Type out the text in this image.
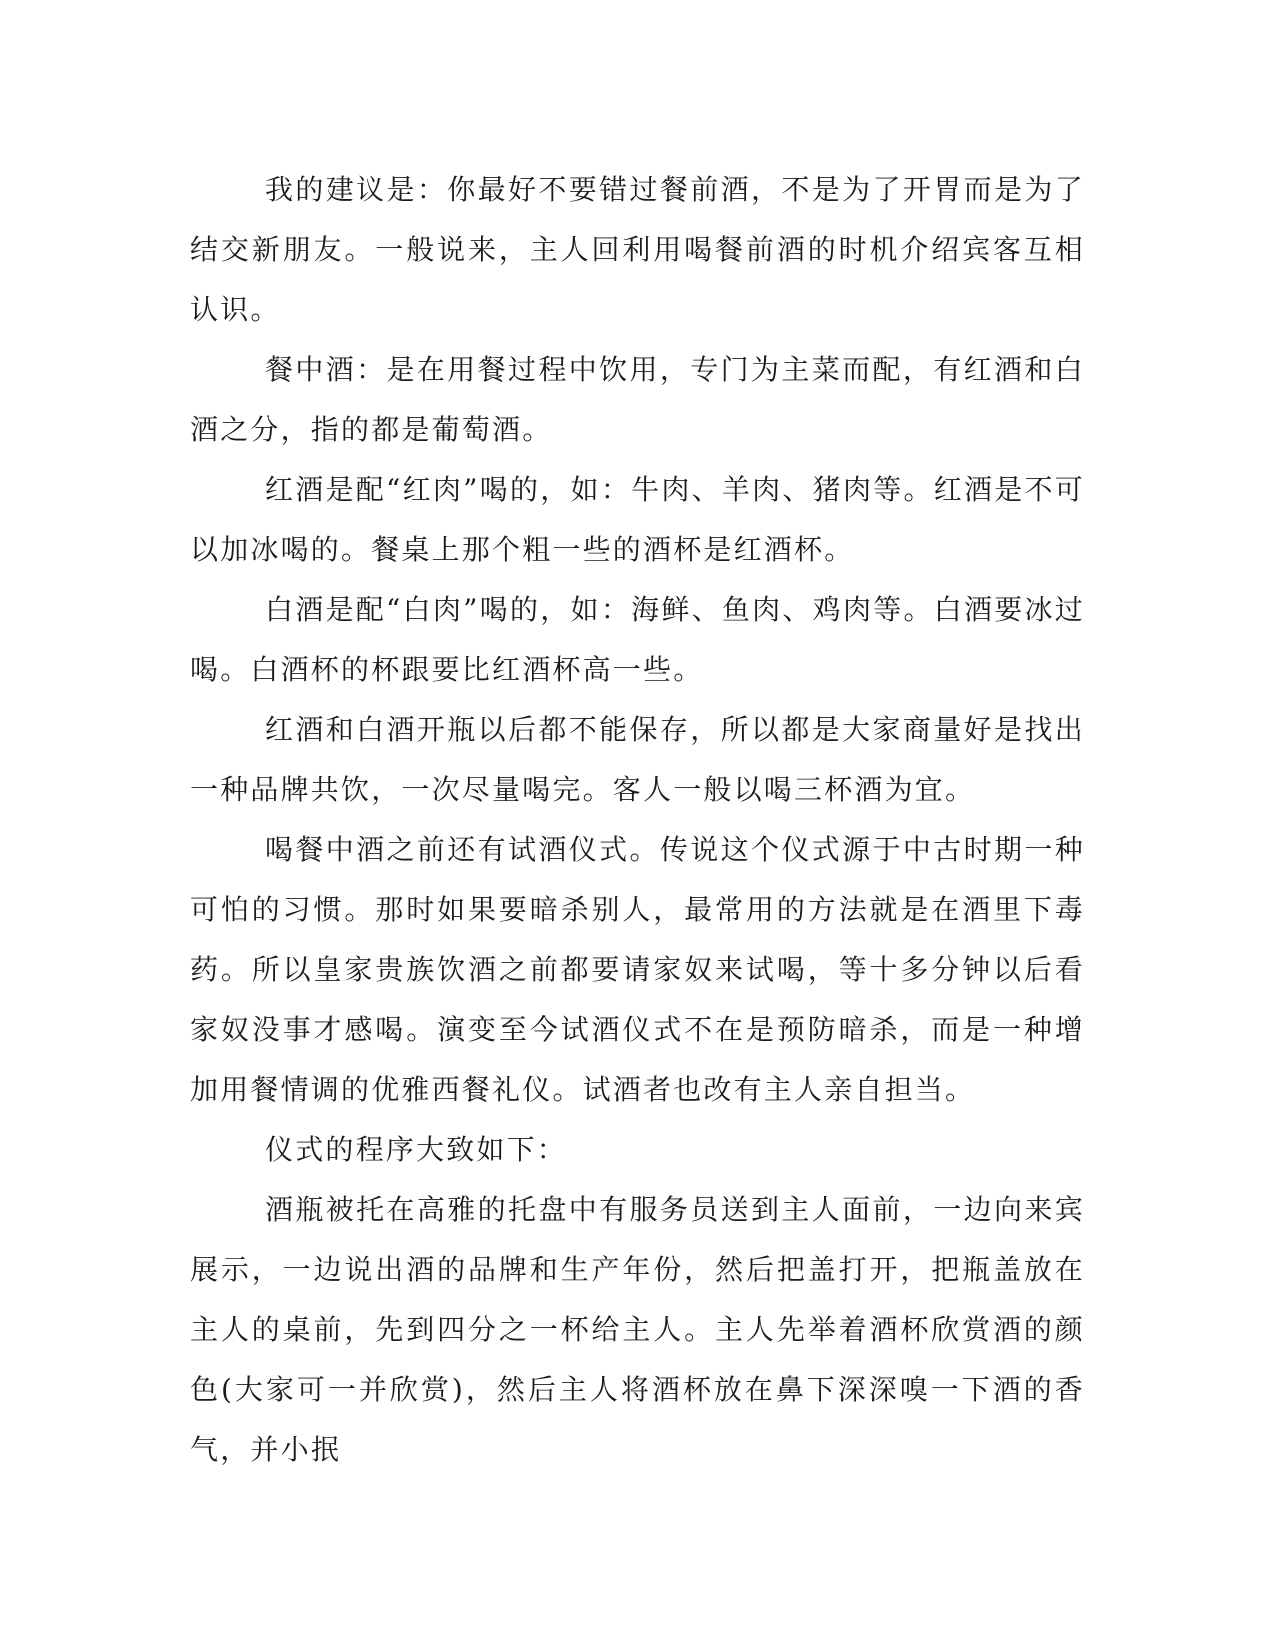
我的建议是：你最好不要错过餐前酒，不是为了开胃而是为了结交新朋友。一般说来，主人回利用喝餐前酒的时机介绍宾客互相认识。

餐中酒：是在用餐过程中饮用，专门为主菜而配，有红酒和白酒之分，指的都是葡萄酒。

红酒是配“红肉”喝的，如：牛肉、羊肉、猪肉等。红酒是不可以加冰喝的。餐桌上那个粗一些的酒杯是红酒杯。

白酒是配“白肉”喝的，如：海鲜、鱼肉、鸡肉等。白酒要冰过喝。白酒杯的杯跟要比红酒杯高一些。

红酒和白酒开瓶以后都不能保存，所以都是大家商量好是找出一种品牌共饮，一次尽量喝完。客人一般以喝三杯酒为宜。

喝餐中酒之前还有试酒仪式。传说这个仪式源于中古时期一种可怕的习惯。那时如果要暗杀别人，最常用的方法就是在酒里下毒药。所以皇家贵族饮酒之前都要请家奴来试喝，等十多分钟以后看家奴没事才感喝。演变至今试酒仪式不在是预防暗杀，而是一种增加用餐情调的优雅西餐礼仪。试酒者也改有主人亲自担当。

仪式的程序大致如下：

酒瓶被托在高雅的托盘中有服务员送到主人面前，一边向来宾展示，一边说出酒的品牌和生产年份，然后把盖打开，把瓶盖放在主人的桌前，先到四分之一杯给主人。主人先举着酒杯欣赏酒的颜色(大家可一并欣赏)，然后主人将酒杯放在鼻下深深嗅一下酒的香气，并小抿
